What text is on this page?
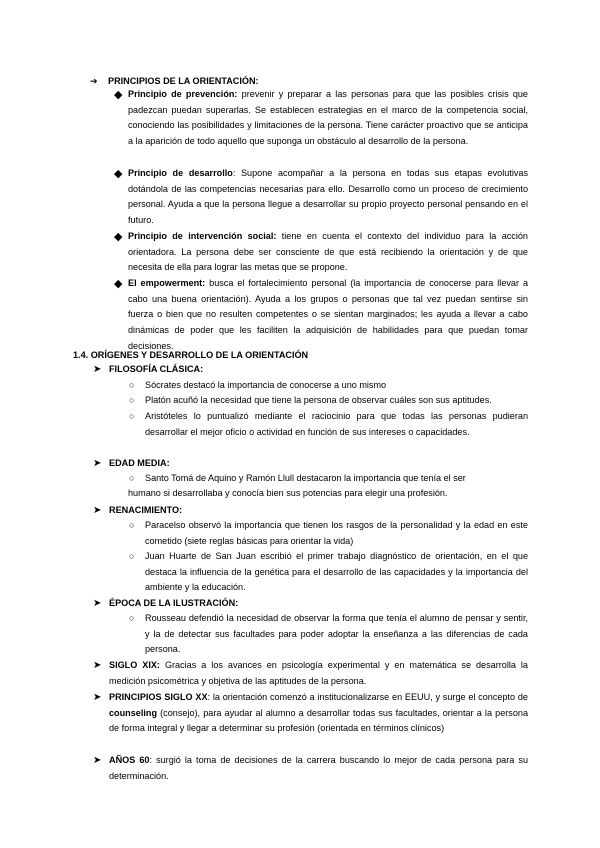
➔ PRINCIPIOS DE LA ORIENTACIÓN:

◆ Principio de prevención: prevenir y preparar a las personas para que las posibles crisis que padezcan puedan superarlas. Se establecen estrategias en el marco de la competencia social, conociendo las posibilidades y limitaciones de la persona. Tiene carácter proactivo que se anticipa a la aparición de todo aquello que suponga un obstáculo al desarrollo de la persona.

◆ Principio de desarrollo: Supone acompañar a la persona en todas sus etapas evolutivas dotándola de las competencias necesarias para ello. Desarrollo como un proceso de crecimiento personal. Ayuda a que la persona llegue a desarrollar su propio proyecto personal pensando en el futuro.

◆ Principio de intervención social: tiene en cuenta el contexto del individuo para la acción orientadora. La persona debe ser consciente de que está recibiendo la orientación y de que necesita de ella para lograr las metas que se propone.

◆ El empowerment: busca el fortalecimiento personal (la importancia de conocerse para llevar a cabo una buena orientación). Ayuda a los grupos o personas que tal vez puedan sentirse sin fuerza o bien que no resulten competentes o se sientan marginados; les ayuda a llevar a cabo dinámicas de poder que les faciliten la adquisición de habilidades para que puedan tomar decisiones.

1.4. ORÍGENES Y DESARROLLO DE LA ORIENTACIÓN
➤ FILOSOFÍA CLÁSICA:

○ Sócrates destacó la importancia de conocerse a uno mismo

○ Platón acuñó la necesidad que tiene la persona de observar cuáles son sus aptitudes.

○ Aristóteles lo puntualizó mediante el raciocinio para que todas las personas pudieran desarrollar el mejor oficio o actividad en función de sus intereses o capacidades.

➤ EDAD MEDIA:

○ Santo Tomá de Aquino y Ramón Llull destacaron la importancia que tenía el ser

humano si desarrollaba y conocía bien sus potencias para elegir una profesión.

➤ RENACIMIENTO:

○ Paracelso observó la importancia que tienen los rasgos de la personalidad y la edad en este cometido (siete reglas básicas para orientar la vida)

○ Juan Huarte de San Juan escribió el primer trabajo diagnóstico de orientación, en el que destaca la influencia de la genética para el desarrollo de las capacidades y la importancia del ambiente y la educación.

➤ ÉPOCA DE LA ILUSTRACIÓN:

○ Rousseau defendió la necesidad de observar la forma que tenía el alumno de pensar y sentir, y la de detectar sus facultades para poder adoptar la enseñanza a las diferencias de cada persona.

➤ SIGLO XIX: Gracias a los avances en psicología experimental y en matemática se desarrolla la medición psicométrica y objetiva de las aptitudes de la persona.

➤ PRINCIPIOS SIGLO XX: la orientación comenzó a institucionalizarse en EEUU, y surge el concepto de counseling (consejo), para ayudar al alumno a desarrollar todas sus facultades, orientar a la persona de forma integral y llegar a determinar su profesión (orientada en términos clínicos)

➤ AÑOS 60: surgió la toma de decisiones de la carrera buscando lo mejor de cada persona para su determinación.
